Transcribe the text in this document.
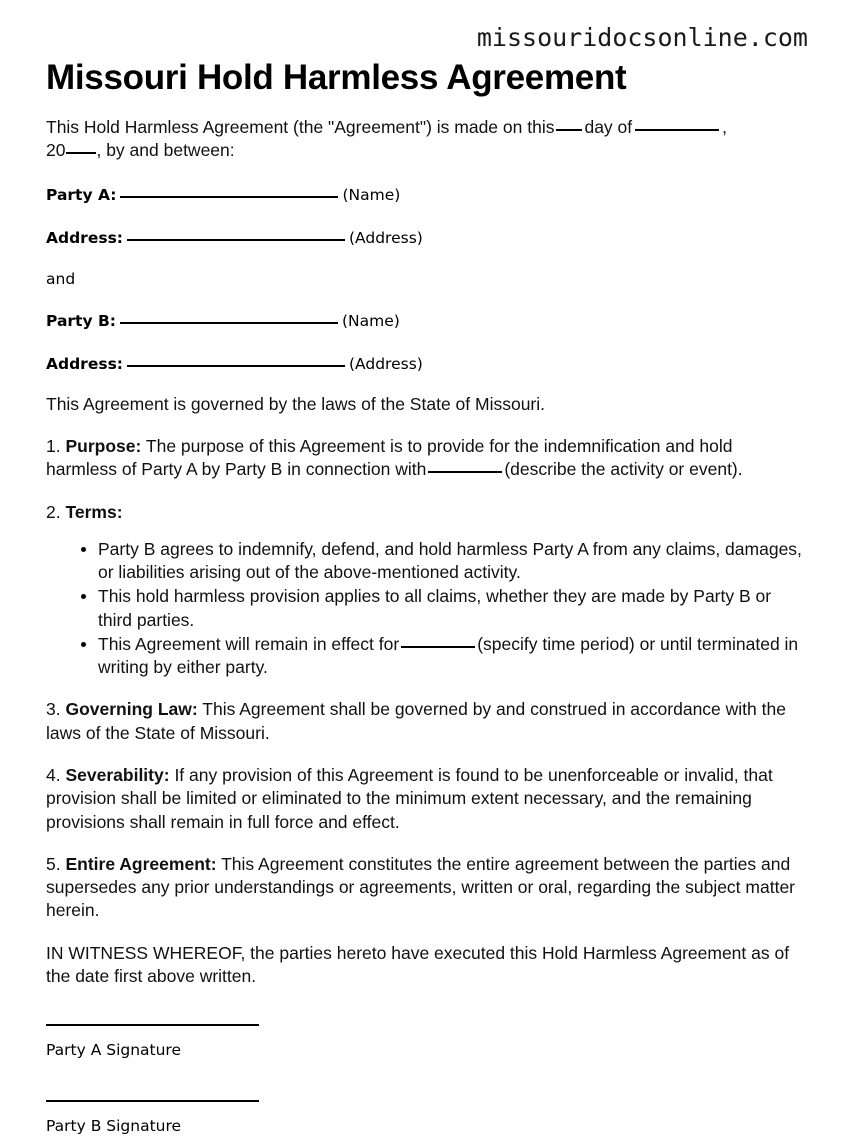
missouridocsonline.com
Missouri Hold Harmless Agreement

This Hold Harmless Agreement (the "Agreement") is made on this day of	,
20 , by and between:

Party A:	(Name)
Address:	(Address)
and
Party B:	(Name)
Address:	(Address)

This Agreement is governed by the laws of the State of Missouri.

1. Purpose: The purpose of this Agreement is to provide for the indemnification and hold harmless of Party A by Party B in connection with	(describe the activity or event).

2. Terms:

Party B agrees to indemnify, defend, and hold harmless Party A from any claims, damages, or liabilities arising out of the above-mentioned activity.
This hold harmless provision applies to all claims, whether they are made by Party B or third parties.
This Agreement will remain in effect for	(specify time period) or until terminated in writing by either party.

3. Governing Law: This Agreement shall be governed by and construed in accordance with the laws of the State of Missouri.

4. Severability: If any provision of this Agreement is found to be unenforceable or invalid, that provision shall be limited or eliminated to the minimum extent necessary, and the remaining provisions shall remain in full force and effect.

5. Entire Agreement: This Agreement constitutes the entire agreement between the parties and supersedes any prior understandings or agreements, written or oral, regarding the subject matter herein.

IN WITNESS WHEREOF, the parties hereto have executed this Hold Harmless Agreement as of the date first above written.

Party A Signature
Party B Signature
